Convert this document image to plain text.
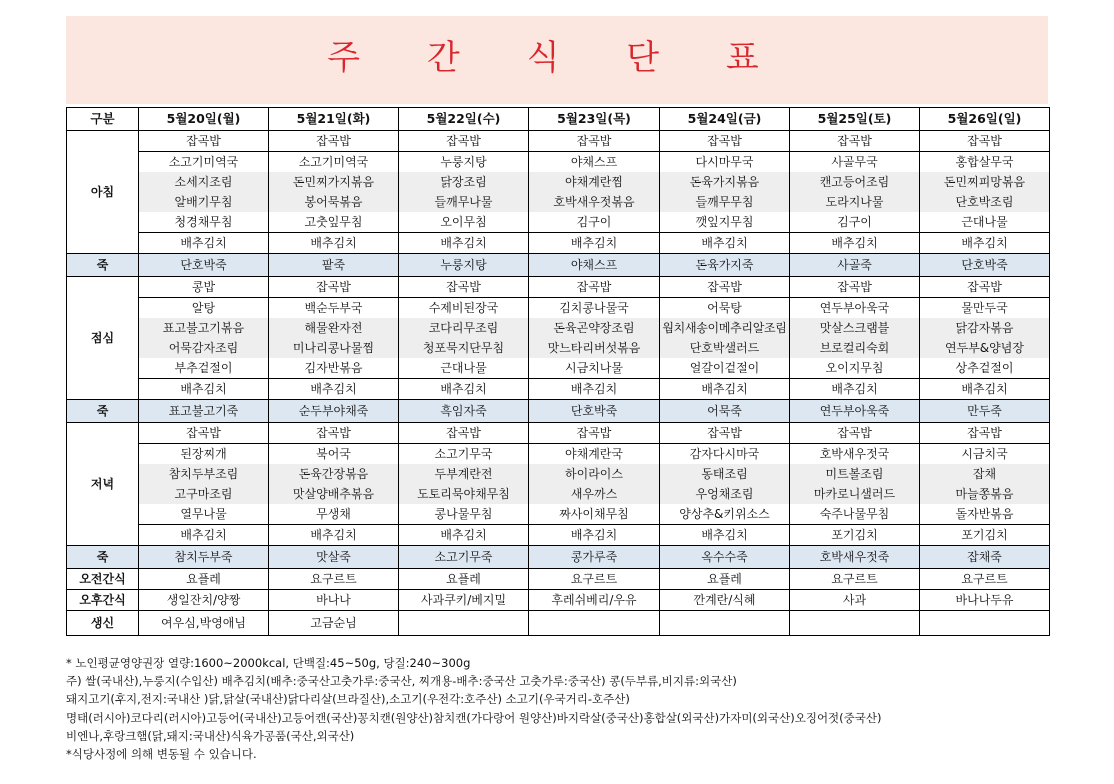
주 간 식 단 표
구분	5월20일(월)	5월21일(화)	5월22일(수)	5월23일(목)	5월24일(금)	5월25일(토)	5월26일(일)
아침	잡곡밥	잡곡밥	잡곡밥	잡곡밥	잡곡밥	잡곡밥	잡곡밥
	소고기미역국	소고기미역국	누룽지탕	야채스프	다시마무국	사골무국	홍합살무국
	소세지조림	돈민찌가지볶음	닭장조림	야채계란찜	돈육가지볶음	캔고등어조림	돈민찌피망볶음
	알배기무침	봉어묵볶음	들깨무나물	호박새우젓볶음	들깨무무침	도라지나물	단호박조림
	청경채무침	고춧잎무침	오이무침	김구이	깻잎지무침	김구이	근대나물
	배추김치	배추김치	배추김치	배추김치	배추김치	배추김치	배추김치
죽	단호박죽	팥죽	누룽지탕	야채스프	돈육가지죽	사골죽	단호박죽
점심	콩밥	잡곡밥	잡곡밥	잡곡밥	잡곡밥	잡곡밥	잡곡밥
	알탕	백순두부국	수제비된장국	김치콩나물국	어묵탕	연두부아욱국	물만두국
	표고불고기볶음	해물완자전	코다리무조림	돈육곤약장조림	웜치새송이메추리알조림	맛살스크램블	닭감자볶음
	어묵감자조림	미나리콩나물찜	청포묵지단무침	맛느타리버섯볶음	단호박샐러드	브로컬리숙회	연두부&양념장
	부추겉절이	김자반볶음	근대나물	시금치나물	얼갈이겉절이	오이지무침	상추겉절이
	배추김치	배추김치	배추김치	배추김치	배추김치	배추김치	배추김치
죽	표고불고기죽	순두부야채죽	흑임자죽	단호박죽	어묵죽	연두부아욱죽	만두죽
저녁	잡곡밥	잡곡밥	잡곡밥	잡곡밥	잡곡밥	잡곡밥	잡곡밥
	된장찌개	북어국	소고기무국	야채계란국	감자다시마국	호박새우젓국	시금치국
	참치두부조림	돈육간장볶음	두부계란전	하이라이스	동태조림	미트볼조림	잡채
	고구마조림	맛살양배추볶음	도토리묵야채무침	새우까스	우엉채조림	마카로니샐러드	마늘쫑볶음
	열무나물	무생채	콩나물무침	짜사이채무침	양상추&키위소스	숙주나물무침	돌자반볶음
	배추김치	배추김치	배추김치	배추김치	배추김치	포기김치	포기김치
죽	참치두부죽	맛살죽	소고기무죽	콩가루죽	옥수수죽	호박새우젓죽	잡채죽
오전간식	요플레	요구르트	요플레	요구르트	요플레	요구르트	요구르트
오후간식	생일잔치/양짱	바나나	사과쿠키/베지밀	후레쉬베리/우유	깐계란/식혜	사과	바나나두유
생신	여우심,박영애님	고금순님					
* 노인평균영양권장 열량:1600~2000kcal, 단백질:45~50g, 당질:240~300g
주) 쌀(국내산),누룽지(수입산) 배추김치(배추:중국산고춧가루:중국산, 찌개용-배추:중국산 고춧가루:중국산) 콩(두부류,비지류:외국산)
돼지고기(후지,전지:국내산 )닭,닭살(국내산)닭다리살(브라질산),소고기(우전각:호주산) 소고기(우국거리-호주산)
명태(러시아)코다리(러시아)고등어(국내산)고등어캔(국산)꽁치캔(원양산)참치캔(가다랑어 원양산)바지락살(중국산)홍합살(외국산)가자미(외국산)오징어젓(중국산)
비엔나,후랑크햄(닭,돼지:국내산)식육가공품(국산,외국산)
*식당사정에 의해 변동될 수 있습니다.
